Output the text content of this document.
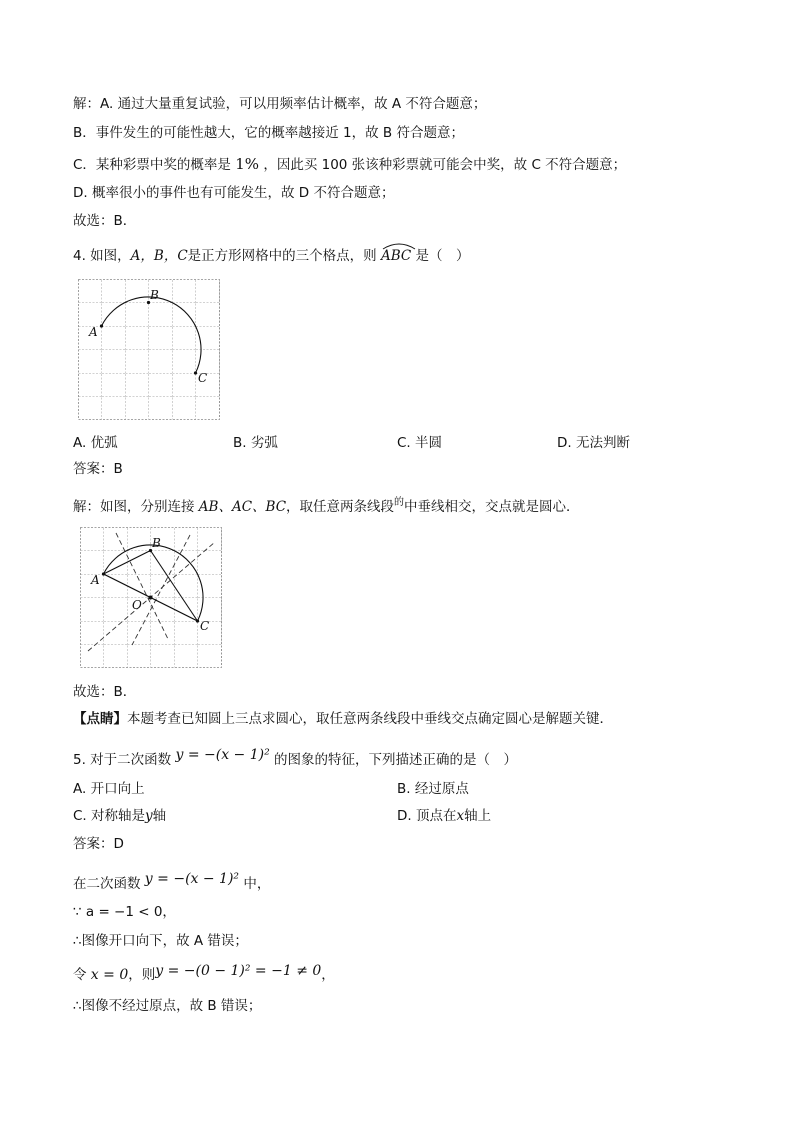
解：A. 通过大量重复试验，可以用频率估计概率，故 A 不符合题意；
B．事件发生的可能性越大，它的概率越接近 1，故 B 符合题意；
C．某种彩票中奖的概率是 1% ，因此买 100 张该种彩票就可能会中奖，故 C 不符合题意；
D. 概率很小的事件也有可能发生，故 D 不符合题意；
故选：B．
4. 如图，A，B，C是正方形网格中的三个格点，则 ABC 是（　）
A
B
C
A. 优弧	B. 劣弧	C. 半圆	D. 无法判断
答案：B
解：如图，分别连接 AB、AC、BC，取任意两条线段$^的$中垂线相交，交点就是圆心．
A
B
C
O
故选：B．
【点睛】本题考查已知圆上三点求圆心，取任意两条线段中垂线交点确定圆心是解题关键．
5. 对于二次函数 y = −(x − 1)² 的图象的特征，下列描述正确的是（　）
A. 开口向上	B. 经过原点
C. 对称轴是y轴	D. 顶点在x轴上
答案：D
在二次函数 y = −(x − 1)² 中，
∵ a = −1 < 0，
∴图像开口向下，故 A 错误；
令 x = 0，则y = −(0 − 1)² = −1 ≠ 0，
∴图像不经过原点，故 B 错误；
